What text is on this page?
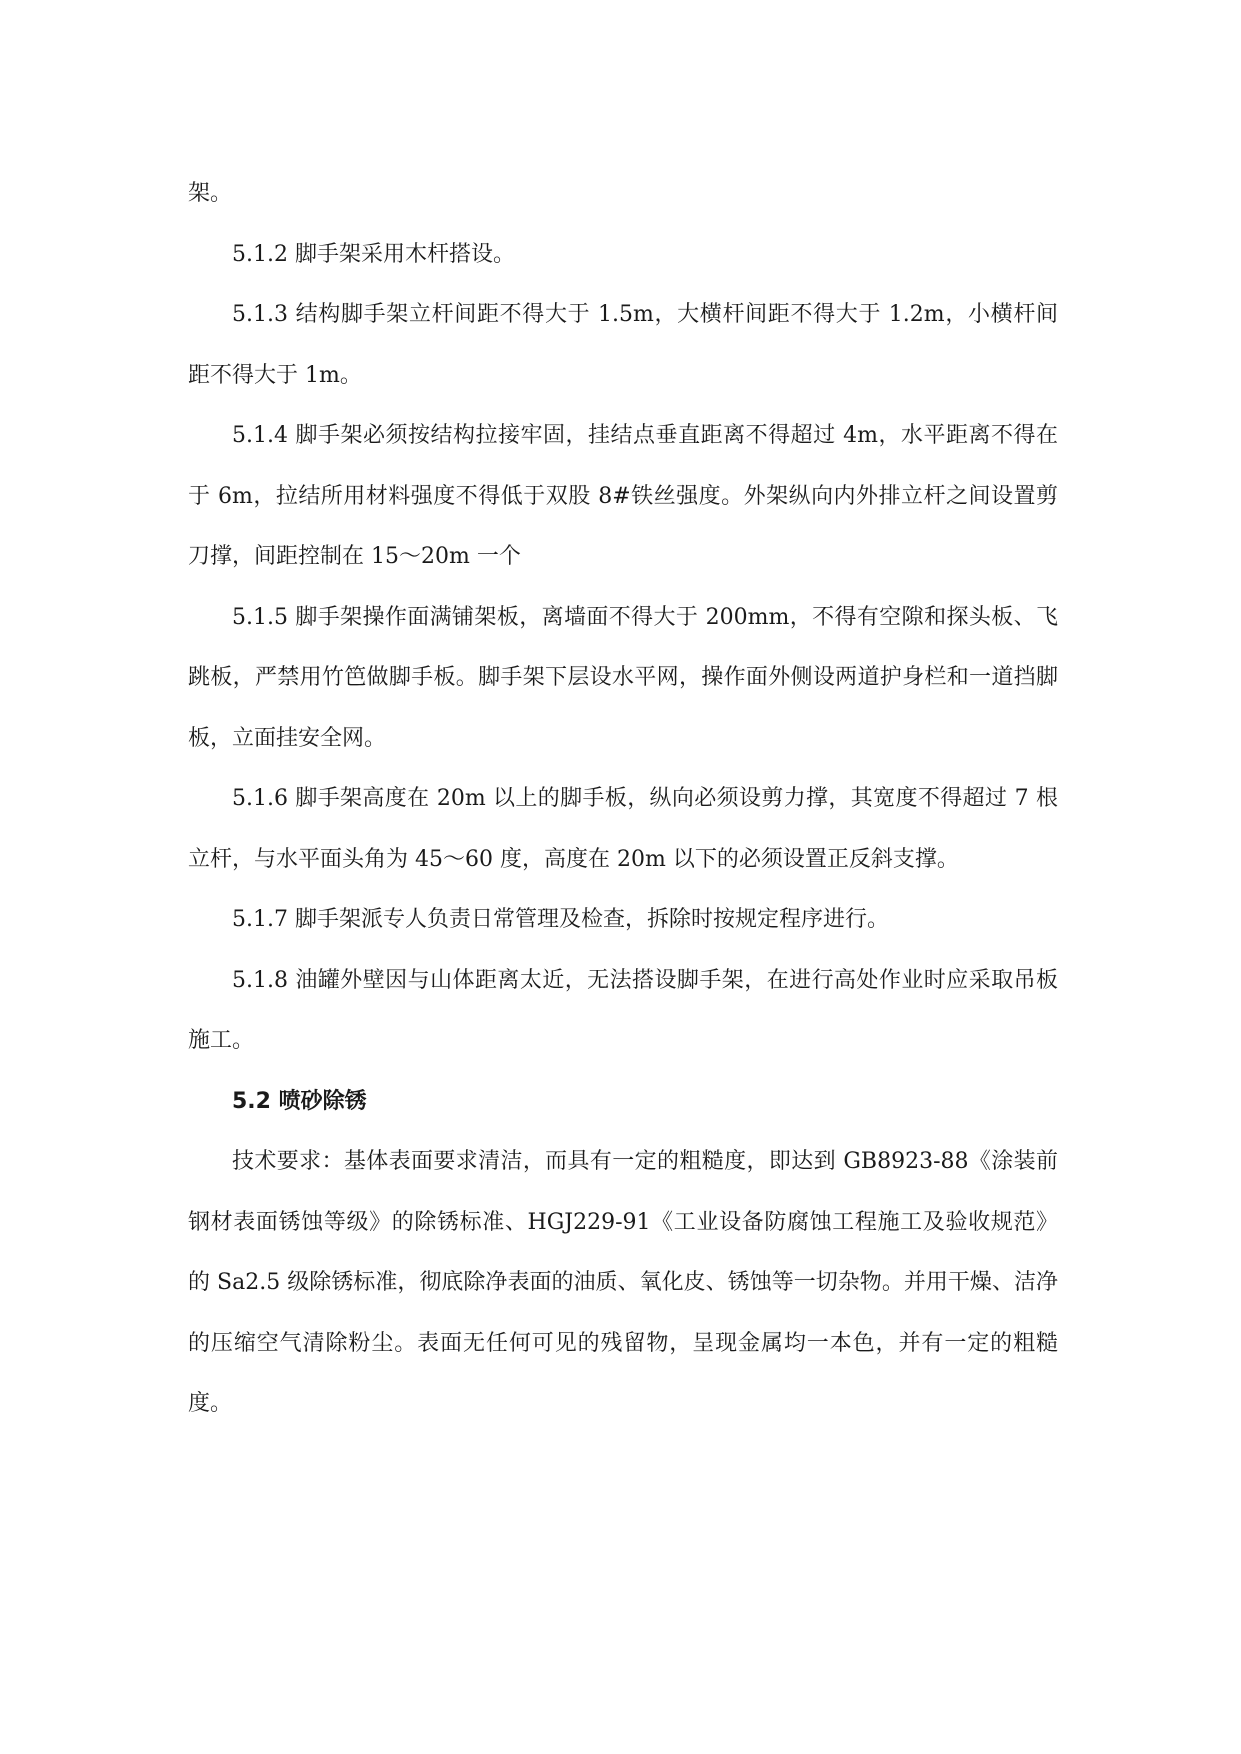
架。

5.1.2 脚手架采用木杆搭设。

5.1.3 结构脚手架立杆间距不得大于 1.5m，大横杆间距不得大于 1.2m，小横杆间距不得大于 1m。

5.1.4 脚手架必须按结构拉接牢固，挂结点垂直距离不得超过 4m，水平距离不得在于 6m，拉结所用材料强度不得低于双股 8#铁丝强度。外架纵向内外排立杆之间设置剪刀撑，间距控制在 15～20m 一个

5.1.5 脚手架操作面满铺架板，离墙面不得大于 200mm，不得有空隙和探头板、飞跳板，严禁用竹笆做脚手板。脚手架下层设水平网，操作面外侧设两道护身栏和一道挡脚板，立面挂安全网。

5.1.6 脚手架高度在 20m 以上的脚手板，纵向必须设剪力撑，其宽度不得超过 7 根立杆，与水平面头角为 45～60 度，高度在 20m 以下的必须设置正反斜支撑。

5.1.7 脚手架派专人负责日常管理及检查，拆除时按规定程序进行。

5.1.8 油罐外壁因与山体距离太近，无法搭设脚手架，在进行高处作业时应采取吊板施工。

5.2 喷砂除锈

技术要求：基体表面要求清洁，而具有一定的粗糙度，即达到 GB8923-88《涂装前钢材表面锈蚀等级》的除锈标准、HGJ229-91《工业设备防腐蚀工程施工及验收规范》的 Sa2.5 级除锈标准，彻底除净表面的油质、氧化皮、锈蚀等一切杂物。并用干燥、洁净的压缩空气清除粉尘。表面无任何可见的残留物，呈现金属均一本色，并有一定的粗糙度。
